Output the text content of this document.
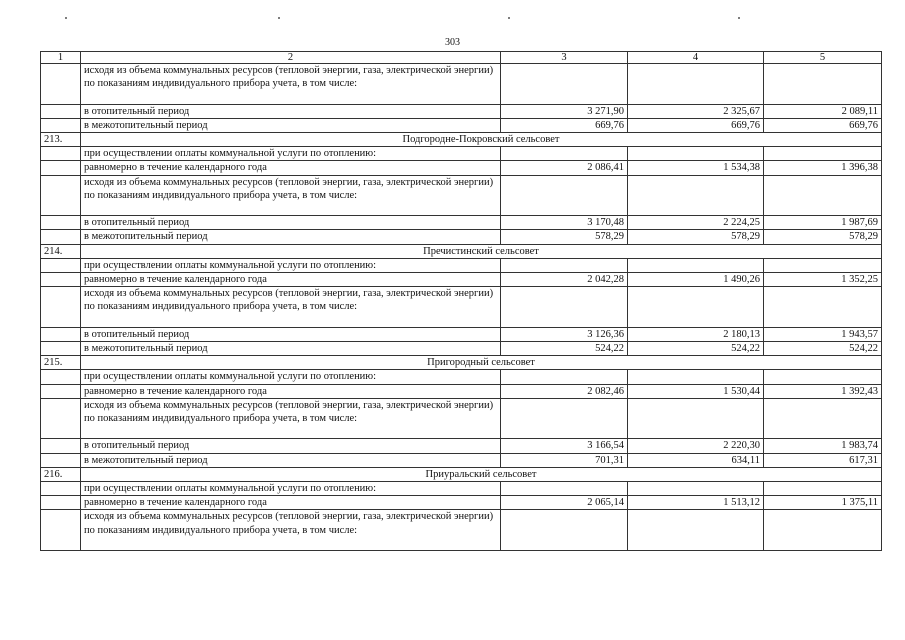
303
1	2	3	4	5
	исходя из объема коммунальных ресурсов (тепловой энергии, газа, электрической энергии) по показаниям индивидуального прибора учета, в том числе:			
	в отопительный период	3 271,90	2 325,67	2 089,11
	в межотопительный период	669,76	669,76	669,76
213.	Подгородне-Покровский сельсовет			
	при осуществлении оплаты коммунальной услуги по отоплению:			
	равномерно в течение календарного года	2 086,41	1 534,38	1 396,38
	исходя из объема коммунальных ресурсов (тепловой энергии, газа, электрической энергии) по показаниям индивидуального прибора учета, в том числе:			
	в отопительный период	3 170,48	2 224,25	1 987,69
	в межотопительный период	578,29	578,29	578,29
214.	Пречистинский сельсовет			
	при осуществлении оплаты коммунальной услуги по отоплению:			
	равномерно в течение календарного года	2 042,28	1 490,26	1 352,25
	исходя из объема коммунальных ресурсов (тепловой энергии, газа, электрической энергии) по показаниям индивидуального прибора учета, в том числе:			
	в отопительный период	3 126,36	2 180,13	1 943,57
	в межотопительный период	524,22	524,22	524,22
215.	Пригородный сельсовет			
	при осуществлении оплаты коммунальной услуги по отоплению:			
	равномерно в течение календарного года	2 082,46	1 530,44	1 392,43
	исходя из объема коммунальных ресурсов (тепловой энергии, газа, электрической энергии) по показаниям индивидуального прибора учета, в том числе:			
	в отопительный период	3 166,54	2 220,30	1 983,74
	в межотопительный период	701,31	634,11	617,31
216.	Приуральский сельсовет			
	при осуществлении оплаты коммунальной услуги по отоплению:			
	равномерно в течение календарного года	2 065,14	1 513,12	1 375,11
	исходя из объема коммунальных ресурсов (тепловой энергии, газа, электрической энергии) по показаниям индивидуального прибора учета, в том числе:			
